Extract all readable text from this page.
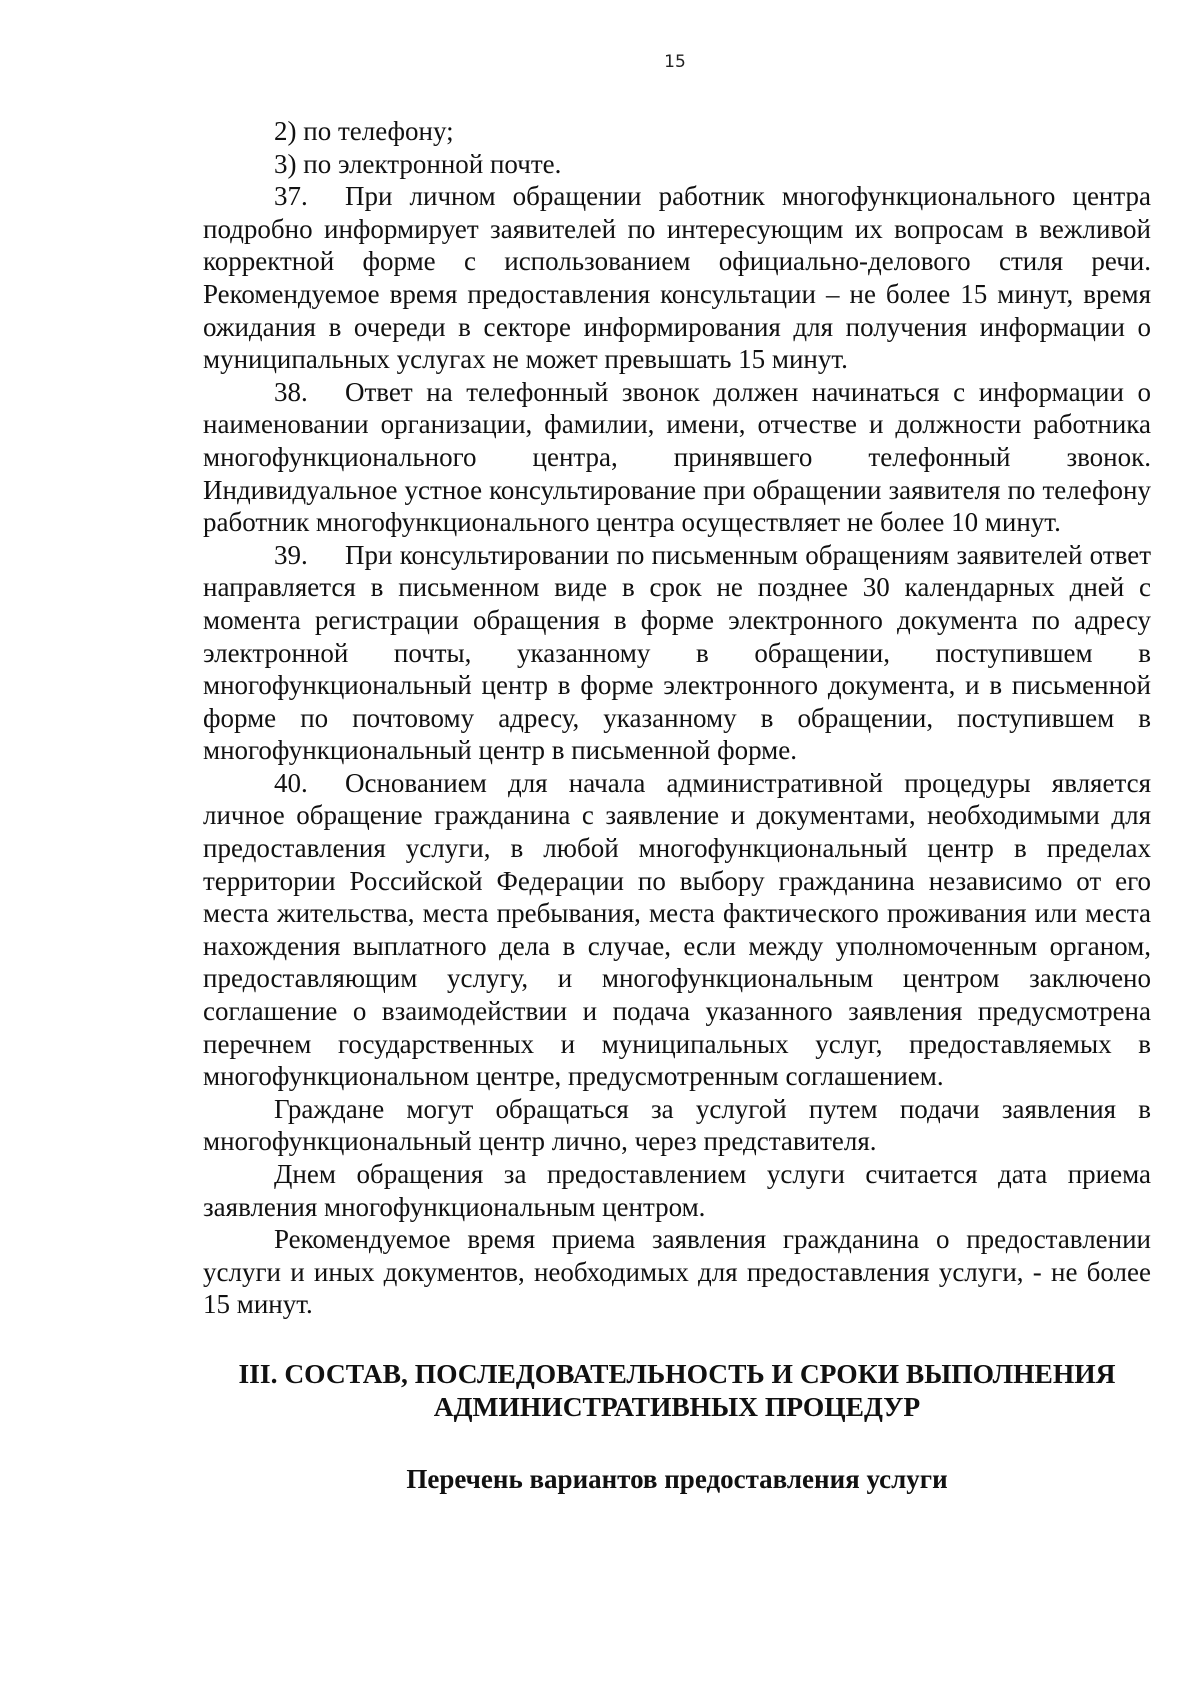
15

2) по телефону;

3) по электронной почте.

37. При личном обращении работник многофункционального центра подробно информирует заявителей по интересующим их вопросам в вежливой корректной форме с использованием официально-делового стиля речи. Рекомендуемое время предоставления консультации – не более 15 минут, время ожидания в очереди в секторе информирования для получения информации о муниципальных услугах не может превышать 15 минут.

38. Ответ на телефонный звонок должен начинаться с информации о наименовании организации, фамилии, имени, отчестве и должности работника многофункционального центра, принявшего телефонный звонок. Индивидуальное устное консультирование при обращении заявителя по телефону работник многофункционального центра осуществляет не более 10 минут.

39. При консультировании по письменным обращениям заявителей ответ направляется в письменном виде в срок не позднее 30 календарных дней с момента регистрации обращения в форме электронного документа по адресу электронной почты, указанному в обращении, поступившем в многофункциональный центр в форме электронного документа, и в письменной форме по почтовому адресу, указанному в обращении, поступившем в многофункциональный центр в письменной форме.

40. Основанием для начала административной процедуры является личное обращение гражданина с заявление и документами, необходимыми для предоставления услуги, в любой многофункциональный центр в пределах территории Российской Федерации по выбору гражданина независимо от его места жительства, места пребывания, места фактического проживания или места нахождения выплатного дела в случае, если между уполномоченным органом, предоставляющим услугу, и многофункциональным центром заключено соглашение о взаимодействии и подача указанного заявления предусмотрена перечнем государственных и муниципальных услуг, предоставляемых в многофункциональном центре, предусмотренным соглашением.

Граждане могут обращаться за услугой путем подачи заявления в многофункциональный центр лично, через представителя.

Днем обращения за предоставлением услуги считается дата приема заявления многофункциональным центром.

Рекомендуемое время приема заявления гражданина о предоставлении услуги и иных документов, необходимых для предоставления услуги, - не более 15 минут.

III. СОСТАВ, ПОСЛЕДОВАТЕЛЬНОСТЬ И СРОКИ ВЫПОЛНЕНИЯ
АДМИНИСТРАТИВНЫХ ПРОЦЕДУР
Перечень вариантов предоставления услуги
